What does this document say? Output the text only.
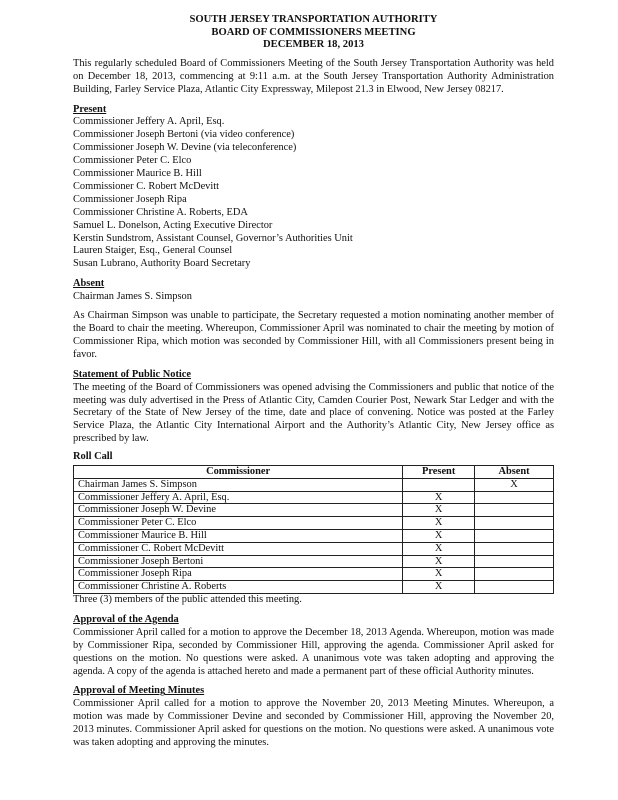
SOUTH JERSEY TRANSPORTATION AUTHORITY
BOARD OF COMMISSIONERS MEETING
DECEMBER 18, 2013

This regularly scheduled Board of Commissioners Meeting of the South Jersey Transportation Authority was held on December 18, 2013, commencing at 9:11 a.m. at the South Jersey Transportation Authority Administration Building, Farley Service Plaza, Atlantic City Expressway, Milepost 21.3 in Elwood, New Jersey 08217.

Present
Commissioner Jeffery A. April, Esq.
Commissioner Joseph Bertoni (via video conference)
Commissioner Joseph W. Devine (via teleconference)
Commissioner Peter C. Elco
Commissioner Maurice B. Hill
Commissioner C. Robert McDevitt
Commissioner Joseph Ripa
Commissioner Christine A. Roberts, EDA
Samuel L. Donelson, Acting Executive Director
Kerstin Sundstrom, Assistant Counsel, Governor’s Authorities Unit
Lauren Staiger, Esq., General Counsel
Susan Lubrano, Authority Board Secretary
Absent
Chairman James S. Simpson

As Chairman Simpson was unable to participate, the Secretary requested a motion nominating another member of the Board to chair the meeting. Whereupon, Commissioner April was nominated to chair the meeting by motion of Commissioner Ripa, which motion was seconded by Commissioner Hill, with all Commissioners present being in favor.

Statement of Public Notice

The meeting of the Board of Commissioners was opened advising the Commissioners and public that notice of the meeting was duly advertised in the Press of Atlantic City, Camden Courier Post, Newark Star Ledger and with the Secretary of the State of New Jersey of the time, date and place of convening. Notice was posted at the Farley Service Plaza, the Atlantic City International Airport and the Authority’s Atlantic City, New Jersey office as prescribed by law.

Roll Call
Commissioner	Present	Absent
Chairman James S. Simpson		X
Commissioner Jeffery A. April, Esq.	X	
Commissioner Joseph W. Devine	X	
Commissioner Peter C. Elco	X	
Commissioner Maurice B. Hill	X	
Commissioner C. Robert McDevitt	X	
Commissioner Joseph Bertoni	X	
Commissioner Joseph Ripa	X	
Commissioner Christine A. Roberts	X	
Three (3) members of the public attended this meeting.
Approval of the Agenda

Commissioner April called for a motion to approve the December 18, 2013 Agenda. Whereupon, motion was made by Commissioner Ripa, seconded by Commissioner Hill, approving the agenda. Commissioner April asked for questions on the motion. No questions were asked. A unanimous vote was taken adopting and approving the agenda. A copy of the agenda is attached hereto and made a permanent part of these official Authority minutes.

Approval of Meeting Minutes

Commissioner April called for a motion to approve the November 20, 2013 Meeting Minutes. Whereupon, a motion was made by Commissioner Devine and seconded by Commissioner Hill, approving the November 20, 2013 minutes. Commissioner April asked for questions on the motion. No questions were asked. A unanimous vote was taken adopting and approving the minutes.
